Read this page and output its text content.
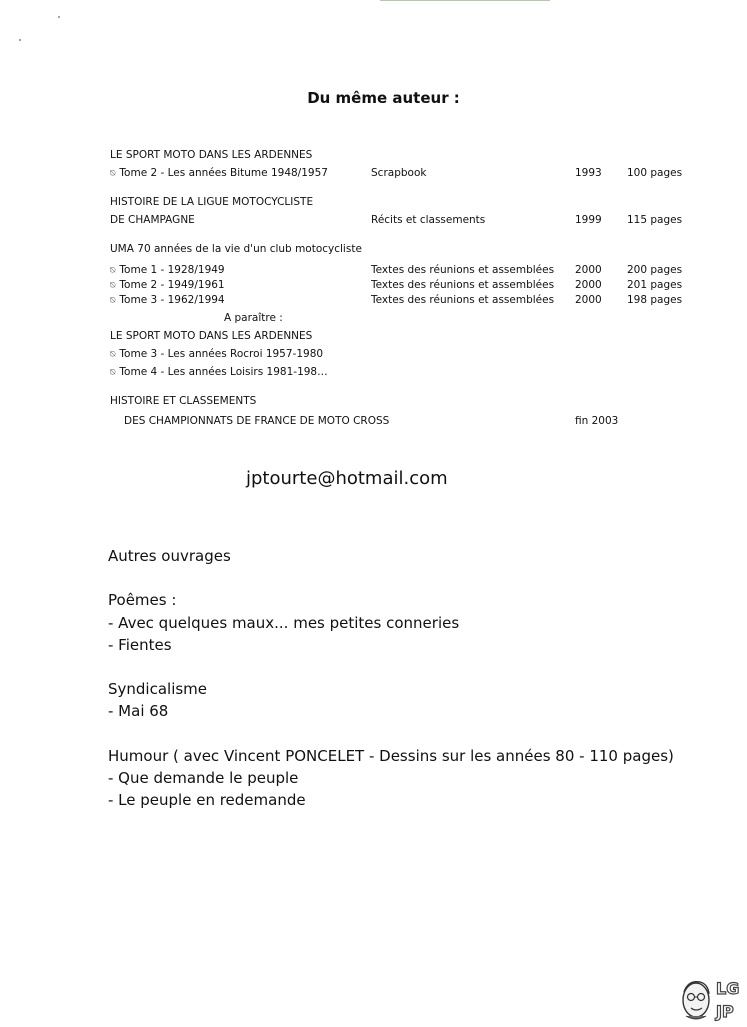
Du même auteur :
LE SPORT MOTO DANS LES ARDENNES
⍉ Tome 2 - Les années Bitume 1948/1957	Scrapbook	1993 100 pages
HISTOIRE DE LA LIGUE MOTOCYCLISTE
DE CHAMPAGNE	Récits et classements	1999 115 pages
UMA 70 années de la vie d'un club motocycliste
⍉ Tome 1 - 1928/1949	Textes des réunions et assemblées 2000 200 pages
⍉ Tome 2 - 1949/1961	Textes des réunions et assemblées 2000 201 pages
⍉ Tome 3 - 1962/1994	Textes des réunions et assemblées 2000 198 pages
A paraître :
LE SPORT MOTO DANS LES ARDENNES
⍉ Tome 3 - Les années Rocroi 1957-1980
⍉ Tome 4 - Les années Loisirs 1981-198…
HISTOIRE ET CLASSEMENTS
DES CHAMPIONNATS DE FRANCE DE MOTO CROSS	fin 2003
jptourte@hotmail.com
Autres ouvrages
Poêmes :
- Avec quelques maux... mes petites conneries
- Fientes
Syndicalisme
- Mai 68
Humour ( avec Vincent PONCELET - Dessins sur les années 80 - 110 pages)
- Que demande le peuple
- Le peuple en redemande
LG
JP
